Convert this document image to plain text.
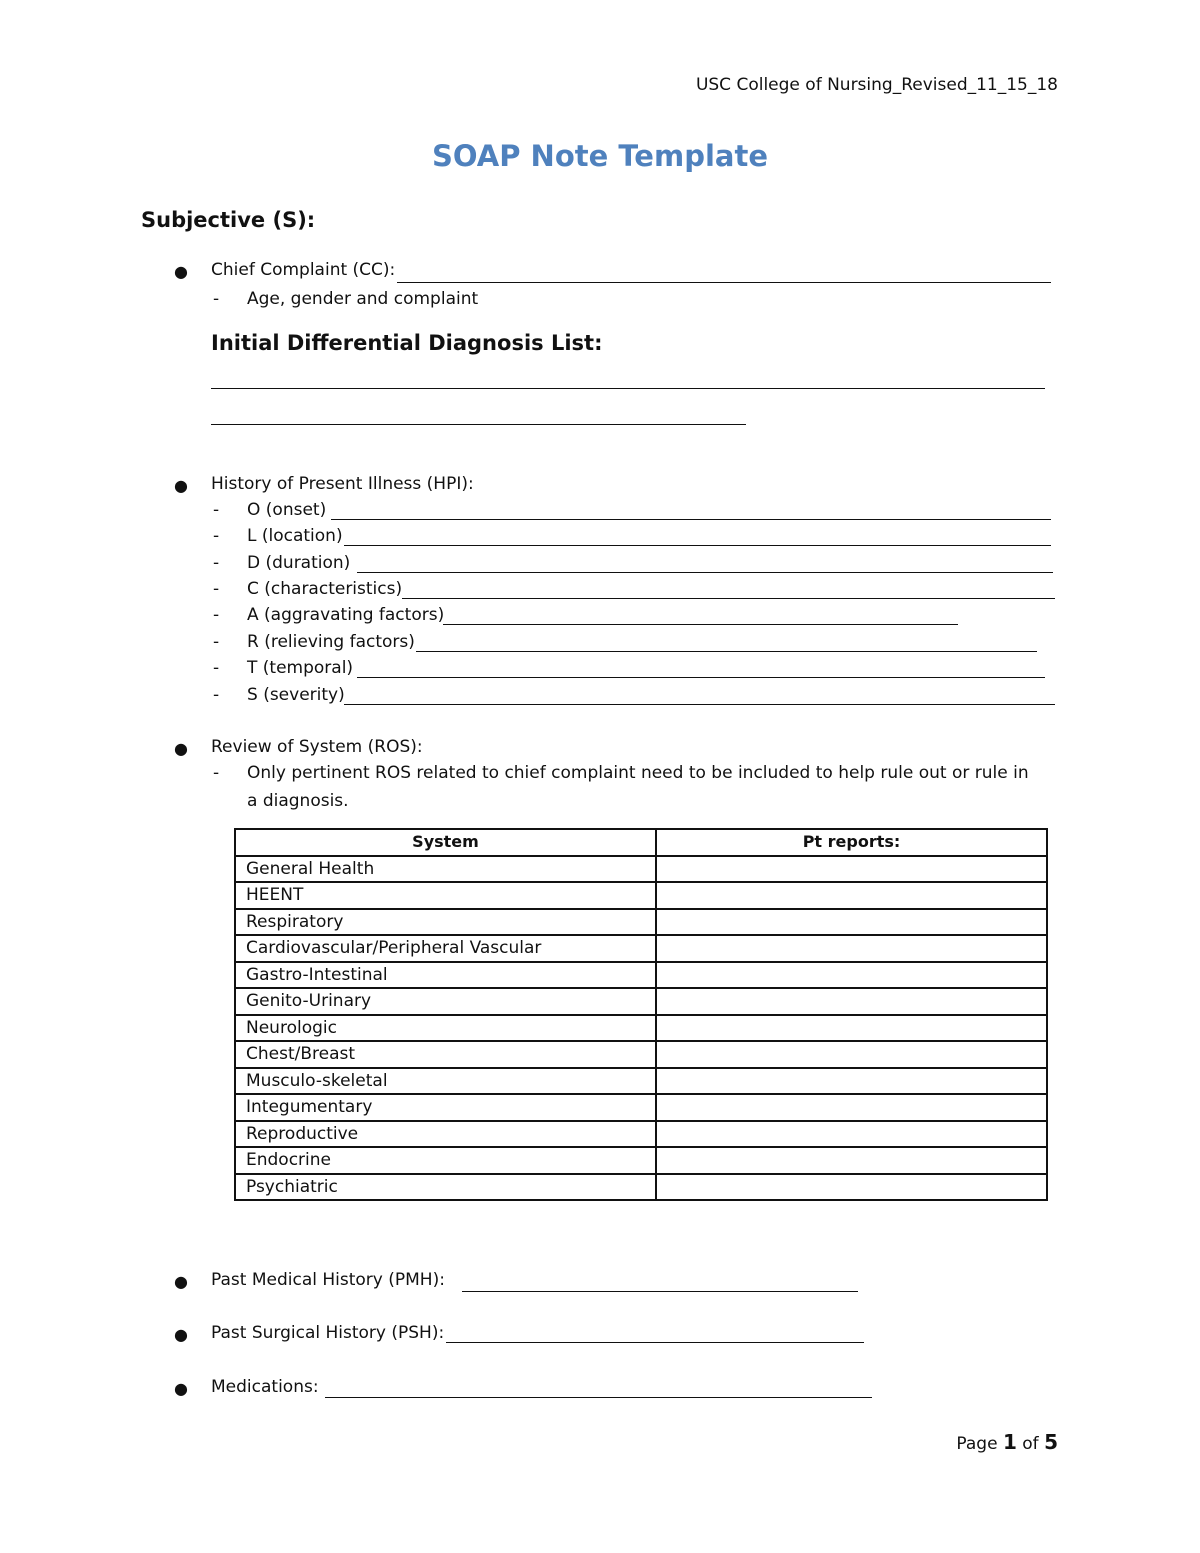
USC College of Nursing_Revised_11_15_18
SOAP Note Template
Subjective (S):
● Chief Complaint (CC):
- Age, gender and complaint
Initial Differential Diagnosis List:
● History of Present Illness (HPI):
- O (onset)
- L (location)
- D (duration)
- C (characteristics)
- A (aggravating factors)
- R (relieving factors)
- T (temporal)
- S (severity)
● Review of System (ROS):
- Only pertinent ROS related to chief complaint need to be included to help rule out or rule in
a diagnosis.
System	Pt reports:
General Health	
HEENT	
Respiratory	
Cardiovascular/Peripheral Vascular	
Gastro-Intestinal	
Genito-Urinary	
Neurologic	
Chest/Breast	
Musculo-skeletal	
Integumentary	
Reproductive	
Endocrine	
Psychiatric	
● Past Medical History (PMH):
● Past Surgical History (PSH):
● Medications:
Page 1 of 5
